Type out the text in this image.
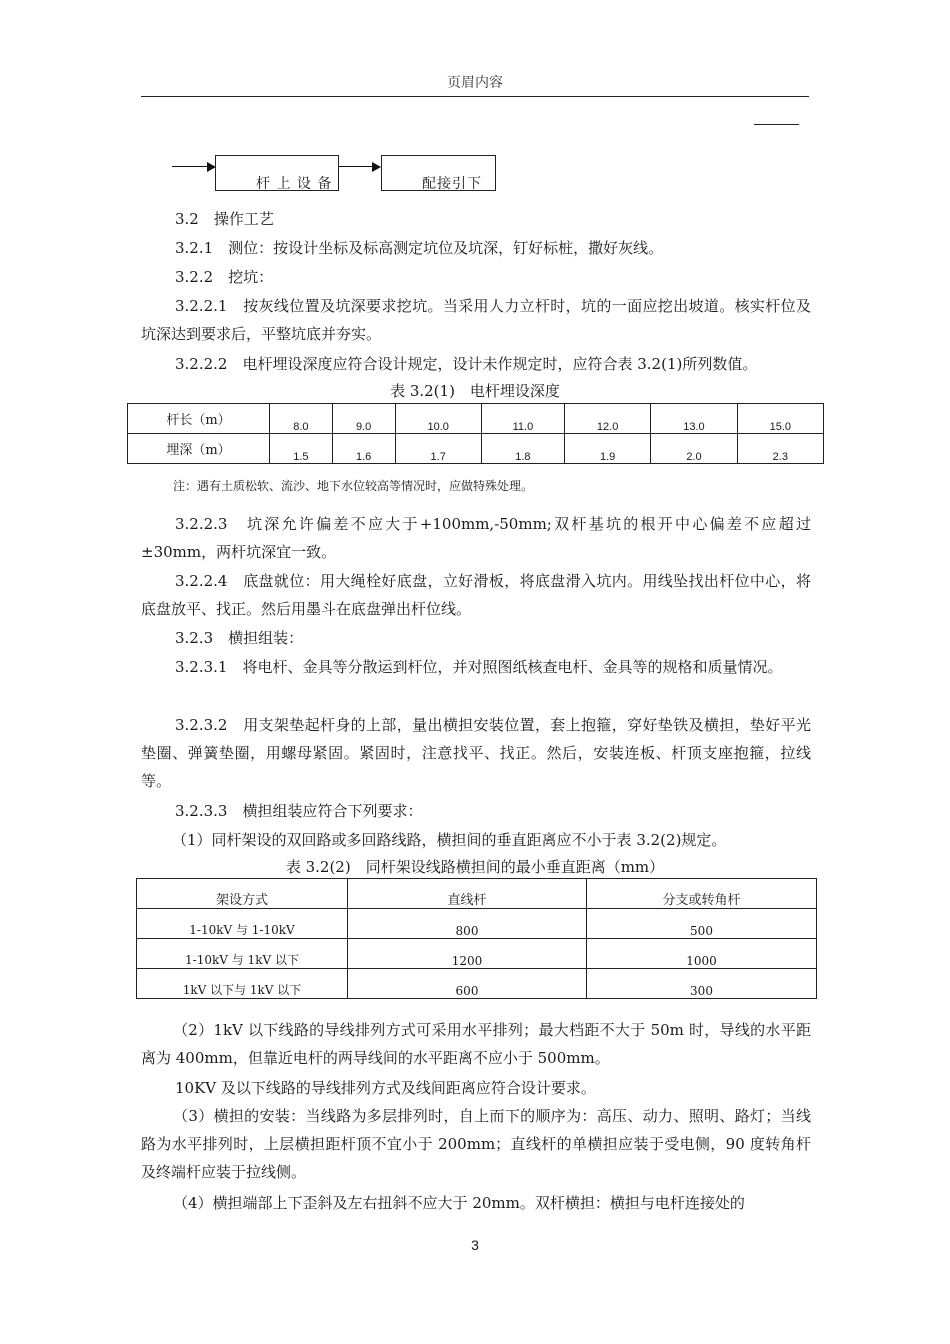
页眉内容
杆 上 设 备	配接引下
3.2　操作工艺
3.2.1　测位：按设计坐标及标高测定坑位及坑深，钉好标桩，撒好灰线。
3.2.2　挖坑：
3.2.2.1　按灰线位置及坑深要求挖坑。当采用人力立杆时，坑的一面应挖出坡道。核实杆位及坑深达到要求后，平整坑底并夯实。
3.2.2.2　电杆埋设深度应符合设计规定，设计未作规定时，应符合表 3.2(1)所列数值。
表 3.2(1)　电杆埋设深度
杆长（m）	8.0	9.0	10.0	11.0	12.0	13.0	15.0
埋深（m）	1.5	1.6	1.7	1.8	1.9	2.0	2.3
注：遇有土质松软、流沙、地下水位较高等情况时，应做特殊处理。
3.2.2.3　坑深允许偏差不应大于+100mm,-50mm;双杆基坑的根开中心偏差不应超过±30mm，两杆坑深宜一致。
3.2.2.4　底盘就位：用大绳栓好底盘，立好滑板，将底盘滑入坑内。用线坠找出杆位中心，将底盘放平、找正。然后用墨斗在底盘弹出杆位线。
3.2.3　横担组装：
3.2.3.1　将电杆、金具等分散运到杆位，并对照图纸核查电杆、金具等的规格和质量情况。
3.2.3.2　用支架垫起杆身的上部，量出横担安装位置，套上抱箍，穿好垫铁及横担，垫好平光垫圈、弹簧垫圈，用螺母紧固。紧固时，注意找平、找正。然后，安装连板、杆顶支座抱箍，拉线等。
3.2.3.3　横担组装应符合下列要求：
（1）同杆架设的双回路或多回路线路，横担间的垂直距离应不小于表 3.2(2)规定。
表 3.2(2)　同杆架设线路横担间的最小垂直距离（mm）
架设方式	直线杆	分支或转角杆
1-10kV 与 1-10kV	800	500
1-10kV 与 1kV 以下	1200	1000
1kV 以下与 1kV 以下	600	300
（2）1kV 以下线路的导线排列方式可采用水平排列；最大档距不大于 50m 时，导线的水平距离为 400mm，但靠近电杆的两导线间的水平距离不应小于 500mm。
10KV 及以下线路的导线排列方式及线间距离应符合设计要求。
（3）横担的安装：当线路为多层排列时，自上而下的顺序为：高压、动力、照明、路灯；当线路为水平排列时，上层横担距杆顶不宜小于 200mm；直线杆的单横担应装于受电侧，90 度转角杆及终端杆应装于拉线侧。
（4）横担端部上下歪斜及左右扭斜不应大于 20mm。双杆横担：横担与电杆连接处的
3
